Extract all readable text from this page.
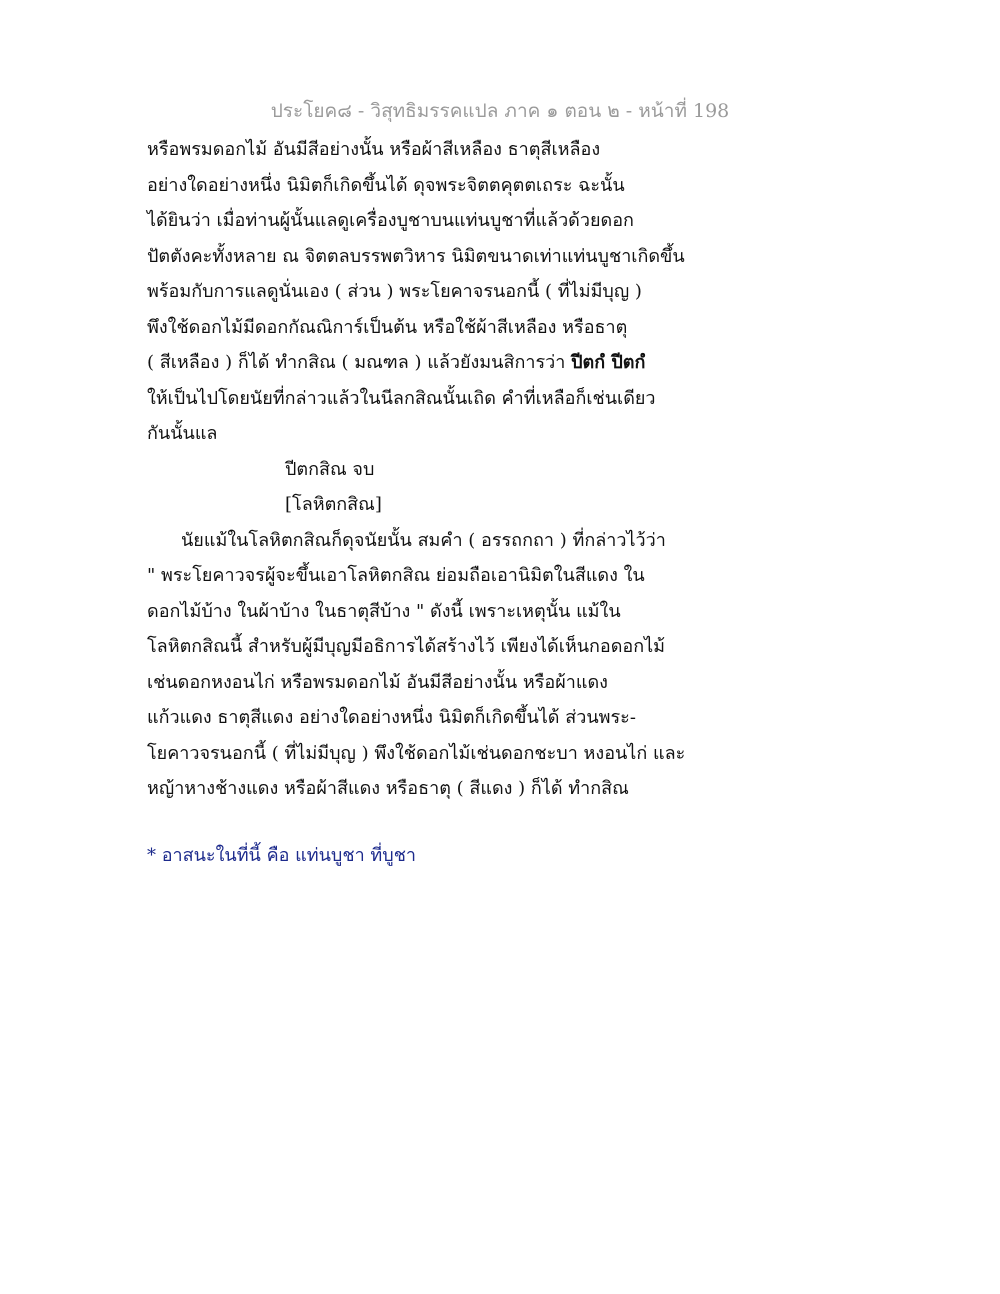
ประโยค๘ - วิสุทธิมรรคแปล ภาค ๑ ตอน ๒ - หน้าที่ 198
หรือพรมดอกไม้ อันมีสีอย่างนั้น หรือผ้าสีเหลือง ธาตุสีเหลือง
อย่างใดอย่างหนึ่ง นิมิตก็เกิดขึ้นได้ ดุจพระจิตตคุตตเถระ ฉะนั้น
ได้ยินว่า เมื่อท่านผู้นั้นแลดูเครื่องบูชาบนแท่นบูชาที่แล้วด้วยดอก
ปัตตังคะทั้งหลาย ณ จิตตลบรรพตวิหาร นิมิตขนาดเท่าแท่นบูชาเกิดขึ้น
พร้อมกับการแลดูนั่นเอง ( ส่วน ) พระโยคาจรนอกนี้ ( ที่ไม่มีบุญ )
พึงใช้ดอกไม้มีดอกกัณณิการ์เป็นต้น หรือใช้ผ้าสีเหลือง หรือธาตุ
( สีเหลือง ) ก็ได้ ทำกสิณ ( มณฑล ) แล้วยังมนสิการว่า ปีตกํ ปีตกํ
ให้เป็นไปโดยนัยที่กล่าวแล้วในนีลกสิณนั้นเถิด คำที่เหลือก็เช่นเดียว
กันนั้นแล
ปีตกสิณ จบ
[โลหิตกสิณ]
นัยแม้ในโลหิตกสิณก็ดุจนัยนั้น สมคำ ( อรรถกถา ) ที่กล่าวไว้ว่า
" พระโยคาวจรผู้จะขึ้นเอาโลหิตกสิณ ย่อมถือเอานิมิตในสีแดง ใน
ดอกไม้บ้าง ในผ้าบ้าง ในธาตุสีบ้าง " ดังนี้ เพราะเหตุนั้น แม้ใน
โลหิตกสิณนี้ สำหรับผู้มีบุญมีอธิการได้สร้างไว้ เพียงได้เห็นกอดอกไม้
เช่นดอกหงอนไก่ หรือพรมดอกไม้ อันมีสีอย่างนั้น หรือผ้าแดง
แก้วแดง ธาตุสีแดง อย่างใดอย่างหนึ่ง นิมิตก็เกิดขึ้นได้ ส่วนพระ-
โยคาวจรนอกนี้ ( ที่ไม่มีบุญ ) พึงใช้ดอกไม้เช่นดอกชะบา หงอนไก่ และ
หญ้าหางช้างแดง หรือผ้าสีแดง หรือธาตุ ( สีแดง ) ก็ได้ ทำกสิณ
* อาสนะในที่นี้ คือ แท่นบูชา ที่บูชา
